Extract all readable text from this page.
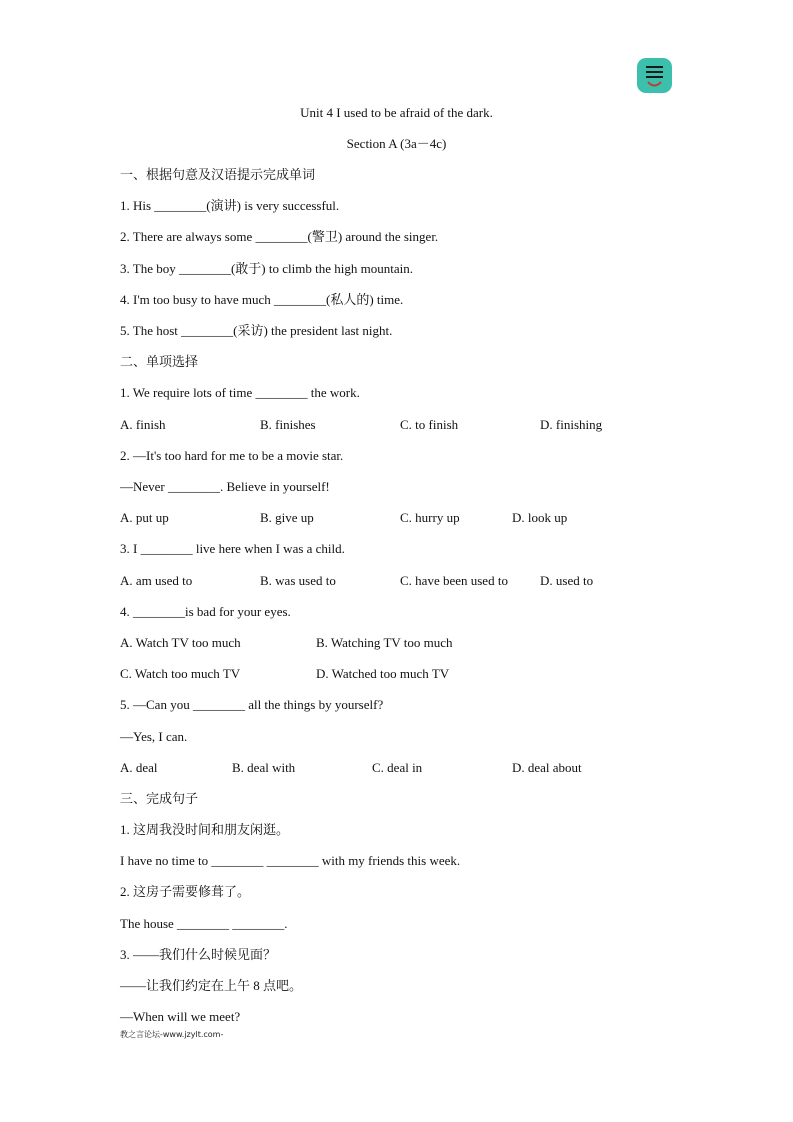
Unit 4 I used to be afraid of the dark.
Section A (3a－4c)
一、根据句意及汉语提示完成单词
1. His ________(演讲) is very successful.
2. There are always some ________(警卫) around the singer.
3. The boy ________(敢于) to climb the high mountain.
4. I'm too busy to have much ________(私人的) time.
5. The host ________(采访) the president last night.
二、单项选择
1. We require lots of time ________ the work.
A. finish	B. finishes	C. to finish	D. finishing
2. —It's too hard for me to be a movie star.
—Never ________. Believe in yourself!
A. put up	B. give up	C. hurry up	D. look up
3. I ________ live here when I was a child.
A. am used to	B. was used to	C. have been used to D. used to
4. ________is bad for your eyes.
A. Watch TV too much	B. Watching TV too much
C. Watch too much TV	D. Watched too much TV
5. —Can you ________ all the things by yourself?
—Yes, I can.
A. deal	B. deal with	C. deal in	D. deal about
三、完成句子
1. 这周我没时间和朋友闲逛。
I have no time to ________ ________ with my friends this week.
2. 这房子需要修葺了。
The house ________ ________.
3. ——我们什么时候见面？
——让我们约定在上午 8 点吧。
—When will we meet?
教之言论坛-www.jzylt.com-
